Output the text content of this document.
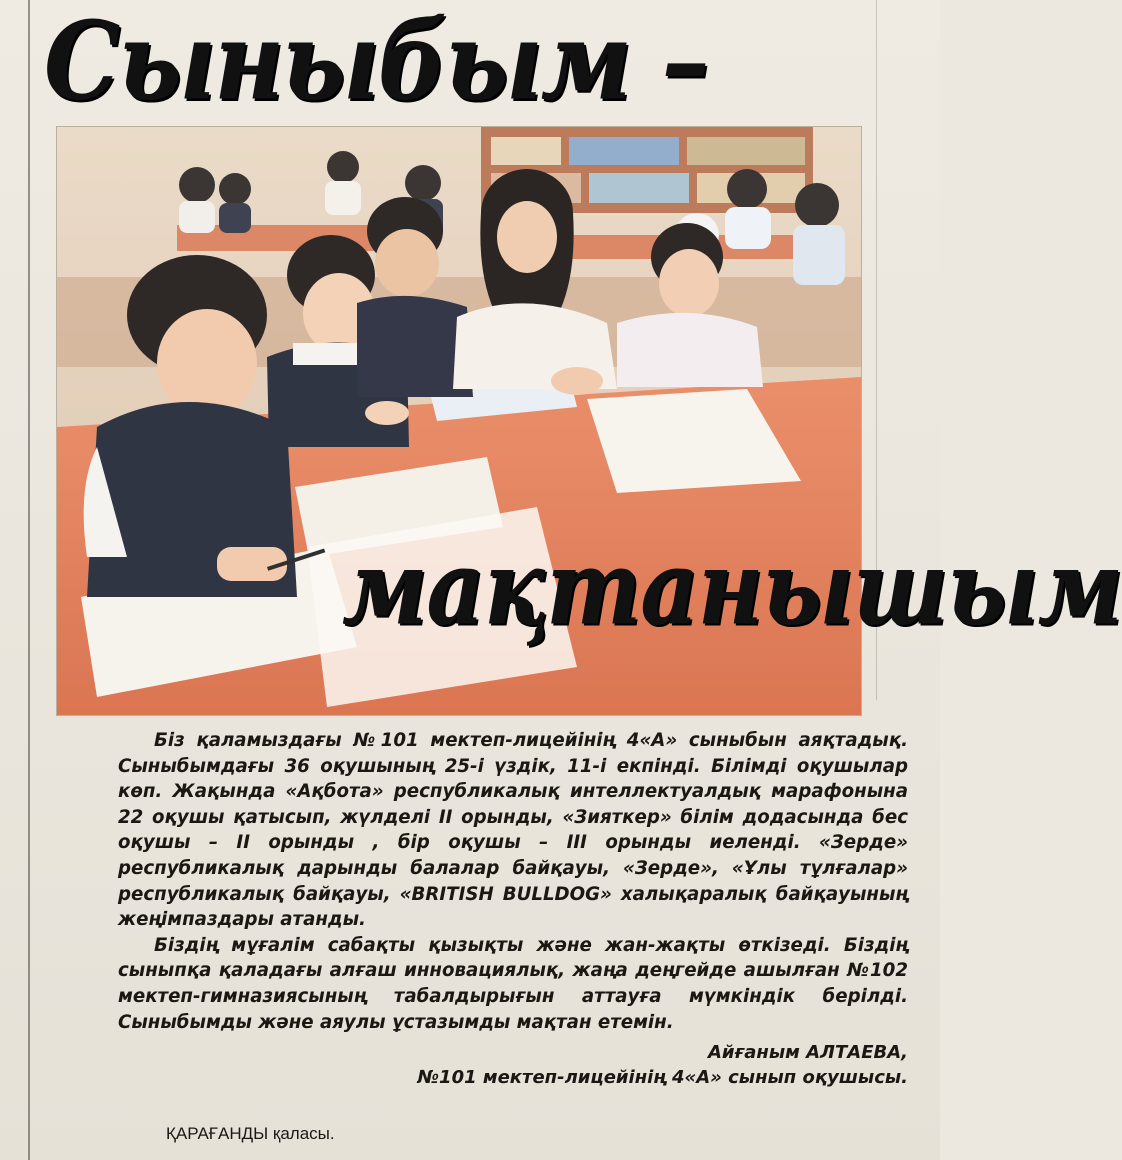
Сыныбым –
мақтанышым

Біз қаламыздағы №101 мектеп-лицейінің 4«А» сыныбын аяқтадық. Сыныбымдағы 36 оқушының 25-і үздік, 11-і екпінді. Білімді оқушылар көп. Жақында «Ақбота» республикалық интеллектуалдық марафонына 22 оқушы қатысып, жүлделі ІІ орынды, «Зияткер» білім додасында бес оқушы – ІІ орынды , бір оқушы – ІІІ орынды иеленді. «Зерде» республикалық дарынды балалар байқауы, «Зерде», «Ұлы тұлғалар» республикалық байқауы, «BRITISH BULLDOG» халықаралық байқауының жеңімпаздары атанды.

Біздің мұғалім сабақты қызықты және жан-жақты өткізеді. Біздің сыныпқа қаладағы алғаш инновациялық, жаңа деңгейде ашылған №102 мектеп-гимназиясының табалдырығын аттауға мүмкіндік берілді. Сыныбымды және аяулы ұстазымды мақтан етемін.

Айғаным АЛТАЕВА,
№101 мектеп-лицейінің 4«А» сынып оқушысы.
ҚАРАҒАНДЫ қаласы.
